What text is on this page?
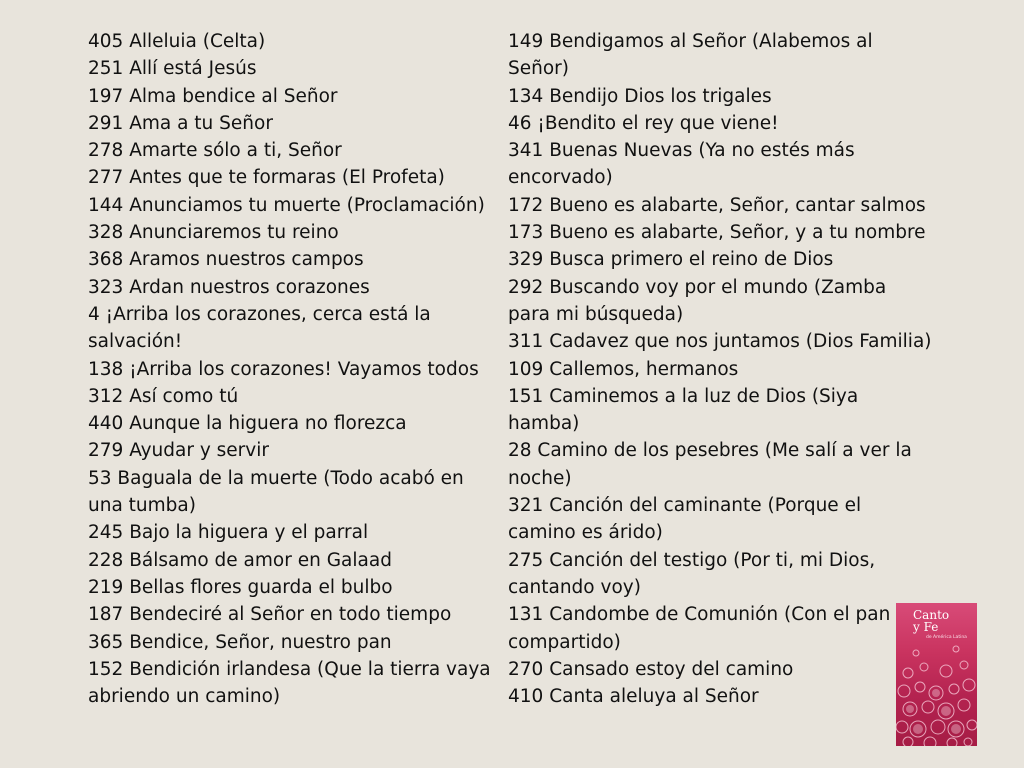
405 Alleluia (Celta)

251 Allí está Jesús

197 Alma bendice al Señor

291 Ama a tu Señor

278 Amarte sólo a ti, Señor

277 Antes que te formaras (El Profeta)

144 Anunciamos tu muerte (Proclamación)

328 Anunciaremos tu reino

368 Aramos nuestros campos

323 Ardan nuestros corazones

4 ¡Arriba los corazones, cerca está la salvación!

138 ¡Arriba los corazones! Vayamos todos

312 Así como tú

440 Aunque la higuera no florezca

279 Ayudar y servir

53 Baguala de la muerte (Todo acabó en una tumba)

245 Bajo la higuera y el parral

228 Bálsamo de amor en Galaad

219 Bellas flores guarda el bulbo

187 Bendeciré al Señor en todo tiempo

365 Bendice, Señor, nuestro pan

152 Bendición irlandesa (Que la tierra vaya abriendo un camino)

149 Bendigamos al Señor (Alabemos al Señor)

134 Bendijo Dios los trigales

46 ¡Bendito el rey que viene!

341 Buenas Nuevas (Ya no estés más encorvado)

172 Bueno es alabarte, Señor, cantar salmos

173 Bueno es alabarte, Señor, y a tu nombre

329 Busca primero el reino de Dios

292 Buscando voy por el mundo (Zamba para mi búsqueda)

311 Cadavez que nos juntamos (Dios Familia)

109 Callemos, hermanos

151 Caminemos a la luz de Dios (Siya hamba)

28 Camino de los pesebres (Me salí a ver la noche)

321 Canción del caminante (Porque el camino es árido)

275 Canción del testigo (Por ti, mi Dios, cantando voy)

131 Candombe de Comunión (Con el pan compartido)

270 Cansado estoy del camino

410 Canta aleluya al Señor

Canto
y Fe
de América Latina
